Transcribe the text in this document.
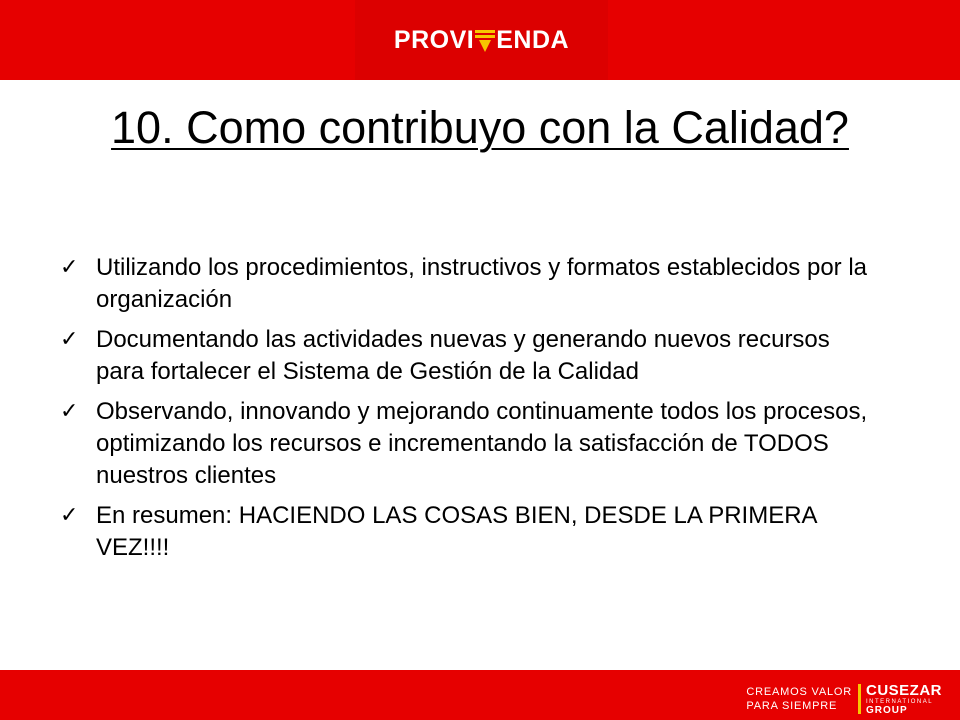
PROVI ENDA
10. Como contribuyo con la Calidad?
✓ Utilizando los procedimientos, instructivos y formatos establecidos por la organización
✓ Documentando las actividades nuevas y generando nuevos recursos para fortalecer el Sistema de Gestión de la Calidad
✓ Observando, innovando y mejorando continuamente todos los procesos, optimizando los recursos e incrementando la satisfacción de TODOS nuestros clientes
✓ En resumen: HACIENDO LAS COSAS BIEN, DESDE LA PRIMERA VEZ!!!!
CREAMOS VALOR
PARA SIEMPRE
CUSEZAR
INTERNATIONAL
GROUP
